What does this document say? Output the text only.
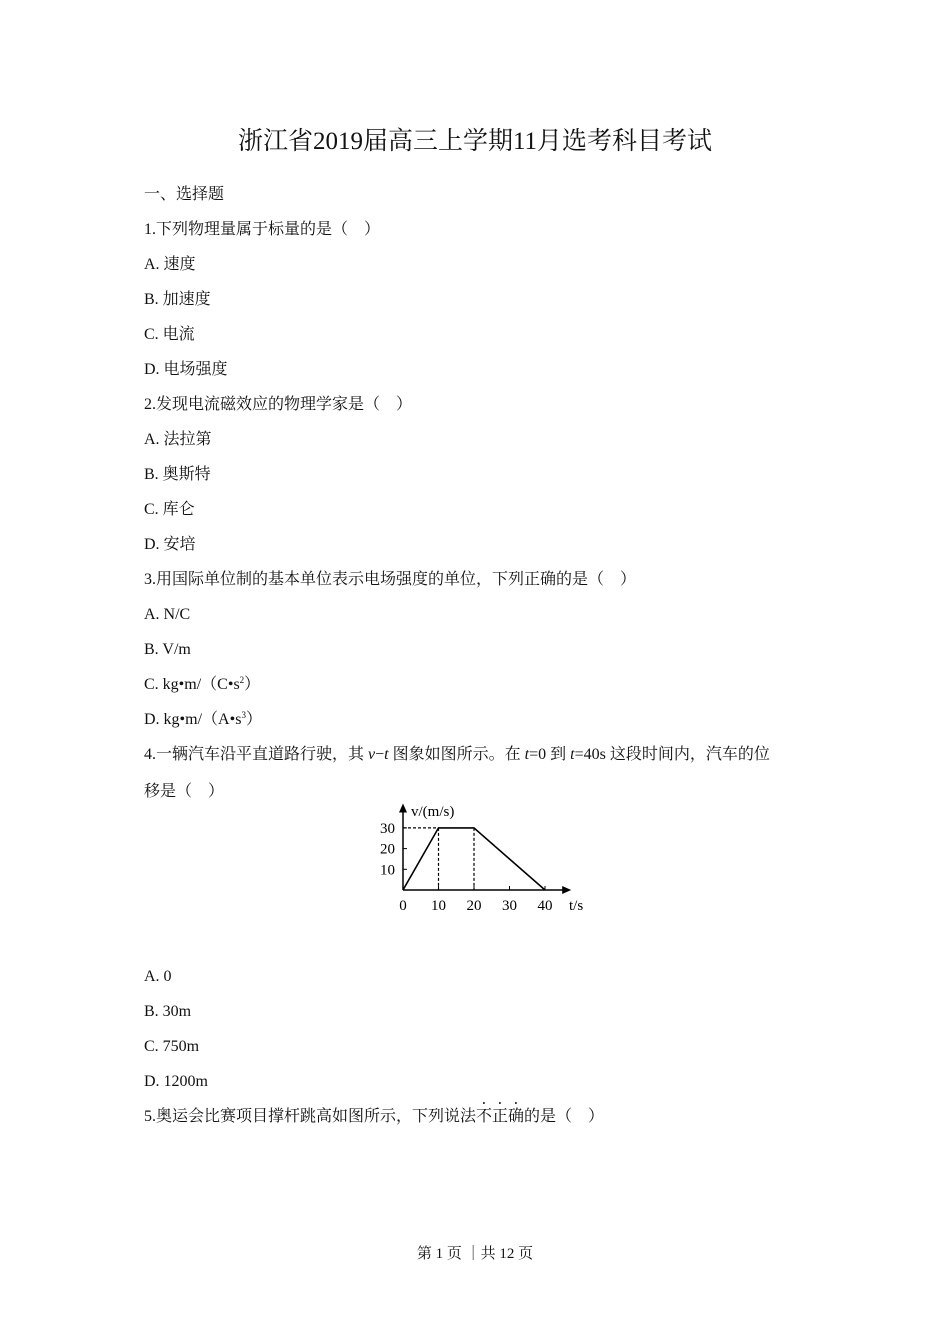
浙江省2019届高三上学期11月选考科目考试
一、选择题
1.下列物理量属于标量的是（　）
A. 速度
B. 加速度
C. 电流
D. 电场强度
2.发现电流磁效应的物理学家是（　）
A. 法拉第
B. 奥斯特
C. 库仑
D. 安培
3.用国际单位制的基本单位表示电场强度的单位，下列正确的是（　）
A. N/C
B. V/m
C. $kg•m/(C•s^2)$
D. $kg•m/(A•s^3)$
4.一辆汽车沿平直道路行驶，其 v−t 图象如图所示。在 t=0 到 t=40s 这段时间内，汽车的位
移是（　）
v/(m/s)
t/s
0 10 20 30 40
10
20
30
A. 0
B. 30m
C. 750m
D. 1200m
5.奥运会比赛项目撑杆跳高如图所示，下列说法不正确的是（　）
第 1 页 ｜共 12 页
